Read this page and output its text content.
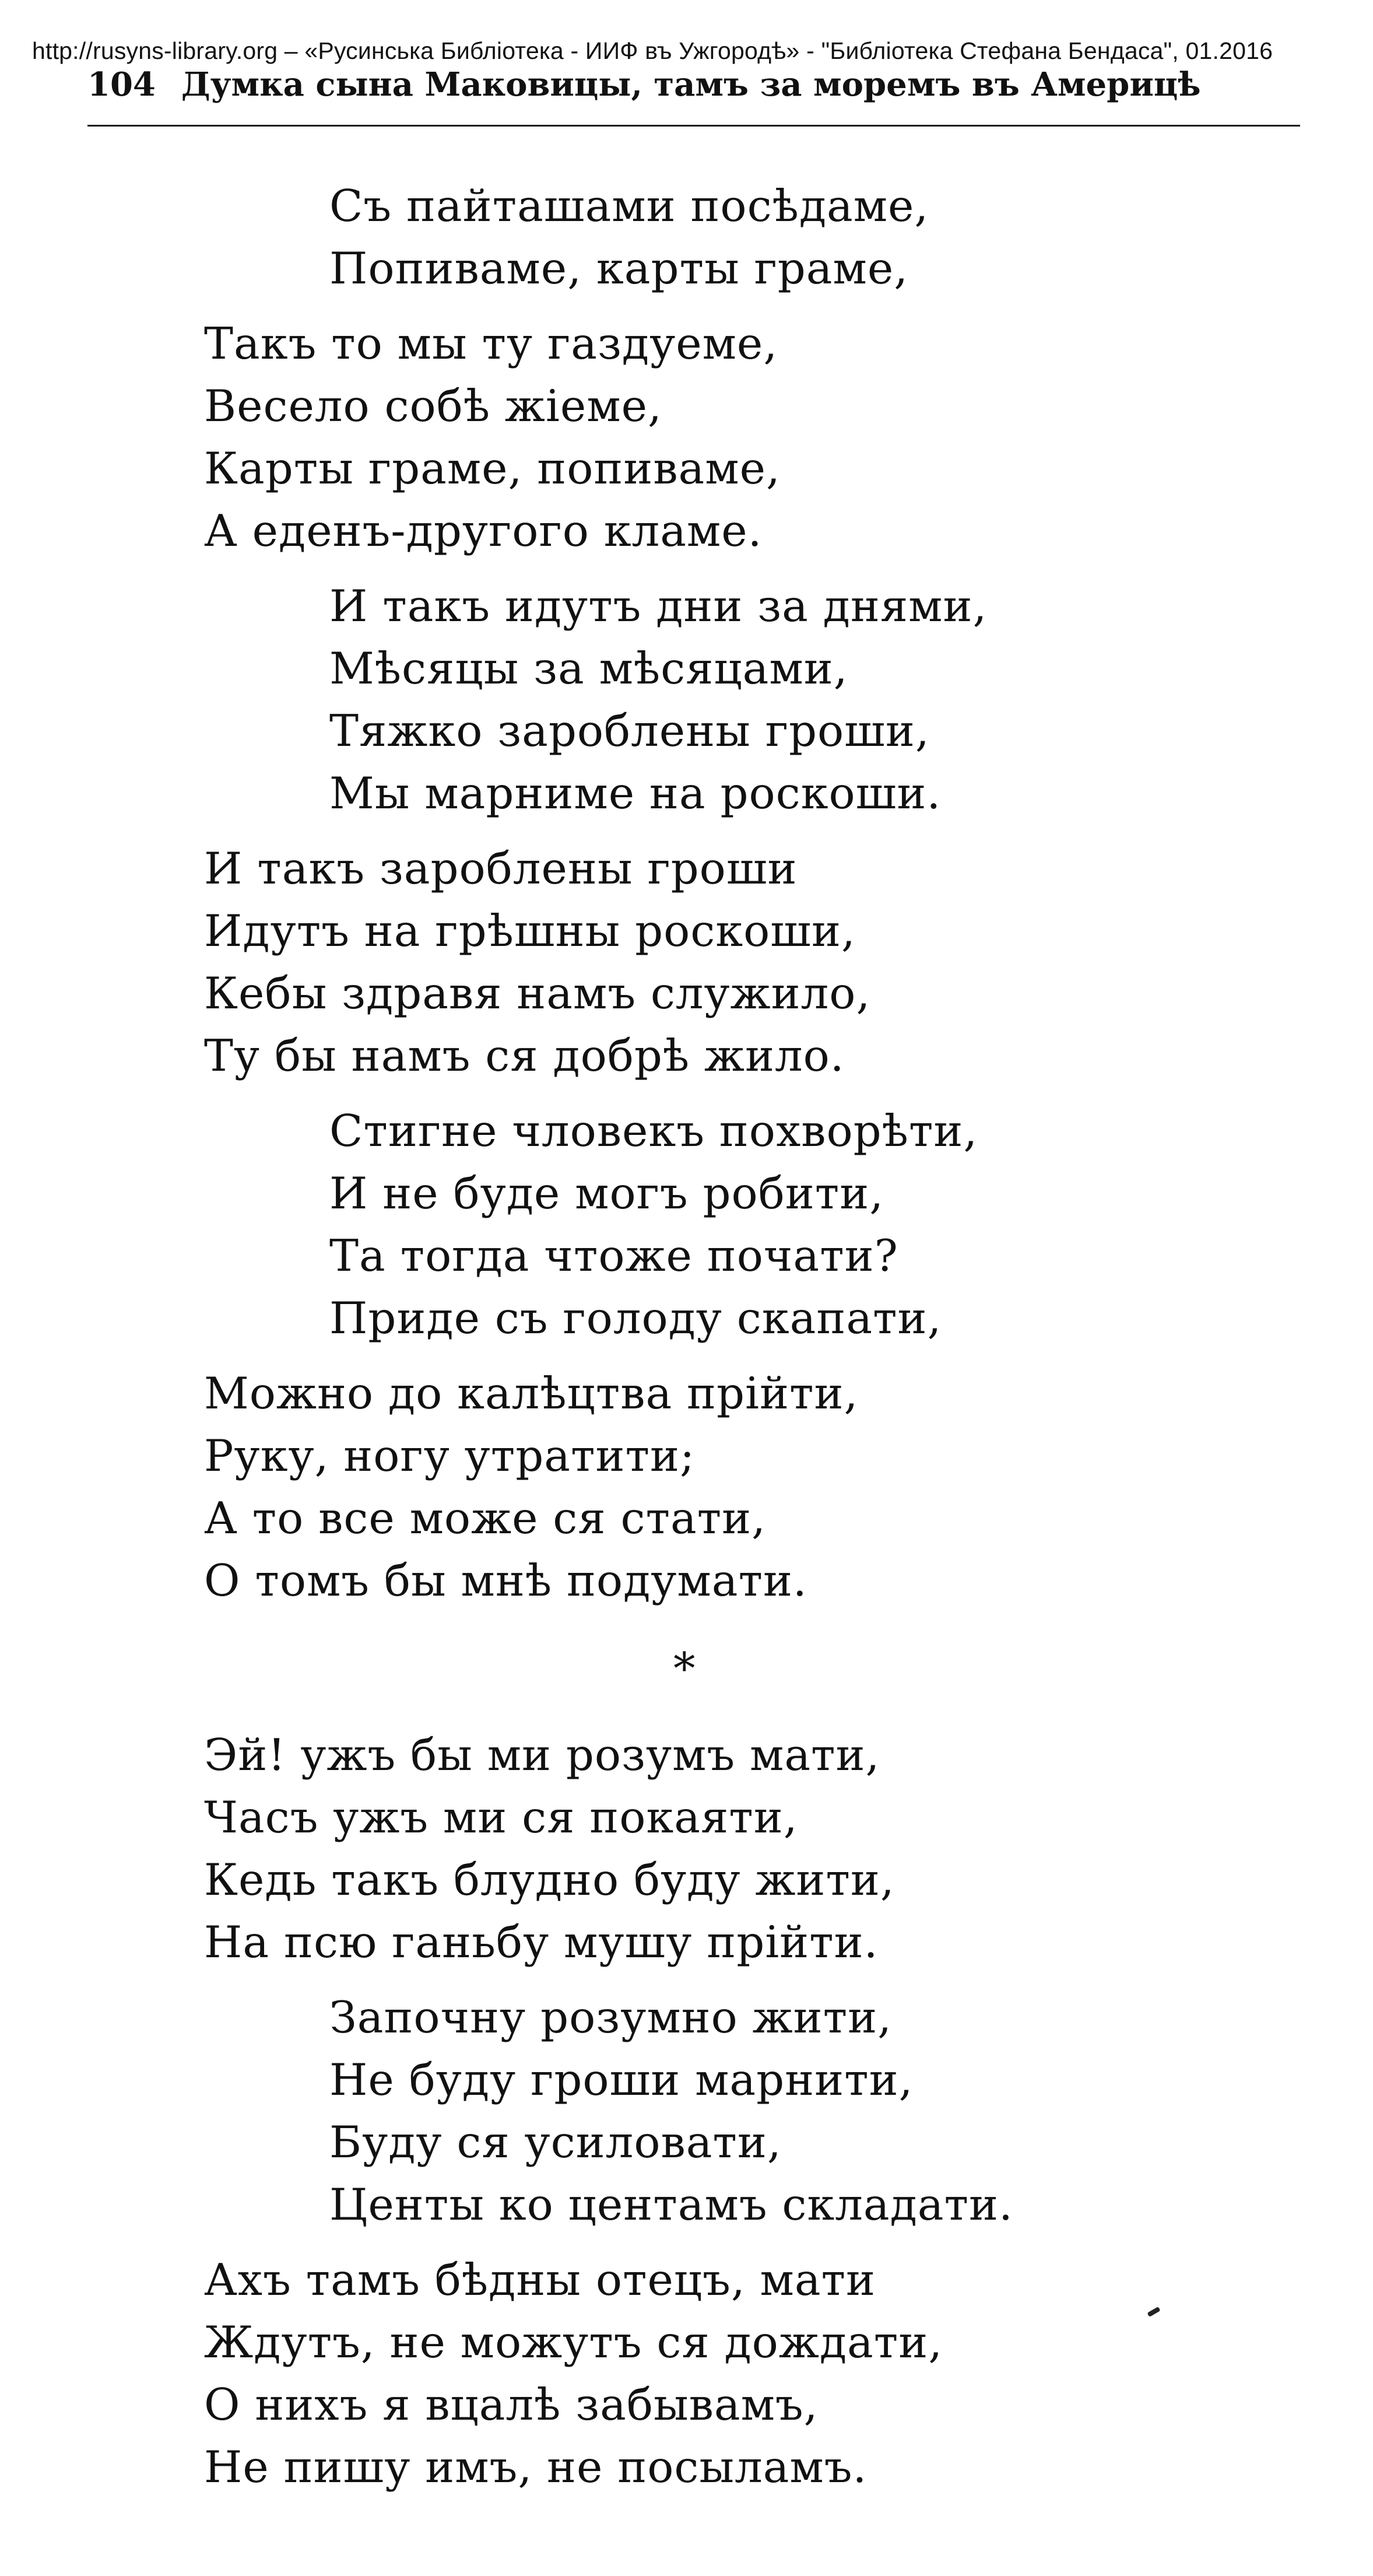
http://rusyns-library.org – «Русинська Библіотека - ИИФ въ Ужгородѣ» - "Библіотека Стефана Бендаса", 01.2016
104 Думка сына Маковицы, тамъ за моремъ въ Америцѣ
Съ пайташами посѣдаме,
Попиваме, карты граме,
Такъ то мы ту газдуеме,
Весело собѣ жіеме,
Карты граме, попиваме,
А еденъ-другого кламе.
И такъ идутъ дни за днями,
Мѣсяцы за мѣсяцами,
Тяжко зароблены гроши,
Мы марниме на роскоши.
И такъ зароблены гроши
Идутъ на грѣшны роскоши,
Кебы здравя намъ служило,
Ту бы намъ ся добрѣ жило.
Стигне чловекъ похворѣти,
И не буде могъ робити,
Та тогда чтоже почати?
Приде съ голоду скапати,
Можно до калѣцтва прійти,
Руку, ногу утратити;
А то все може ся стати,
О томъ бы мнѣ подумати.
*
Эй! ужъ бы ми розумъ мати,
Часъ ужъ ми ся покаяти,
Кедь такъ блудно буду жити,
На псю ганьбу мушу прійти.
Започну розумно жити,
Не буду гроши марнити,
Буду ся усиловати,
Центы ко центамъ складати.
Ахъ тамъ бѣдны отецъ, мати
Ждутъ, не можутъ ся дождати,
О нихъ я вцалѣ забывамъ,
Не пишу имъ, не посыламъ.
